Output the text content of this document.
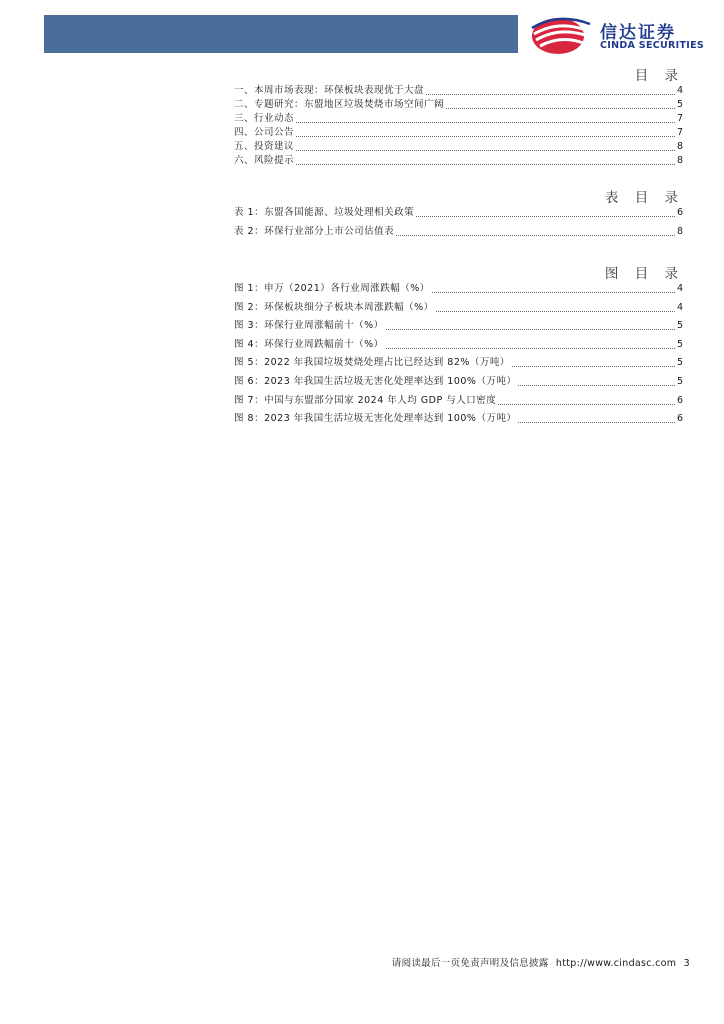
信达证券
CINDA SECURITIES
目 录
一、本周市场表现：环保板块表现优于大盘	4
二、专题研究：东盟地区垃圾焚烧市场空间广阔	5
三、行业动态	7
四、公司公告	7
五、投资建议	8
六、风险提示	8
表 目 录
表 1：东盟各国能源、垃圾处理相关政策	6
表 2：环保行业部分上市公司估值表	8
图 目 录
图 1：申万（2021）各行业周涨跌幅（%）	4
图 2：环保板块细分子板块本周涨跌幅（%）	4
图 3：环保行业周涨幅前十（%）	5
图 4：环保行业周跌幅前十（%）	5
图 5：2022 年我国垃圾焚烧处理占比已经达到 82%（万吨）	5
图 6：2023 年我国生活垃圾无害化处理率达到 100%（万吨）	5
图 7：中国与东盟部分国家 2024 年人均 GDP 与人口密度	6
图 8：2023 年我国生活垃圾无害化处理率达到 100%（万吨）	6
请阅读最后一页免责声明及信息披露 http://www.cindasc.com 3
